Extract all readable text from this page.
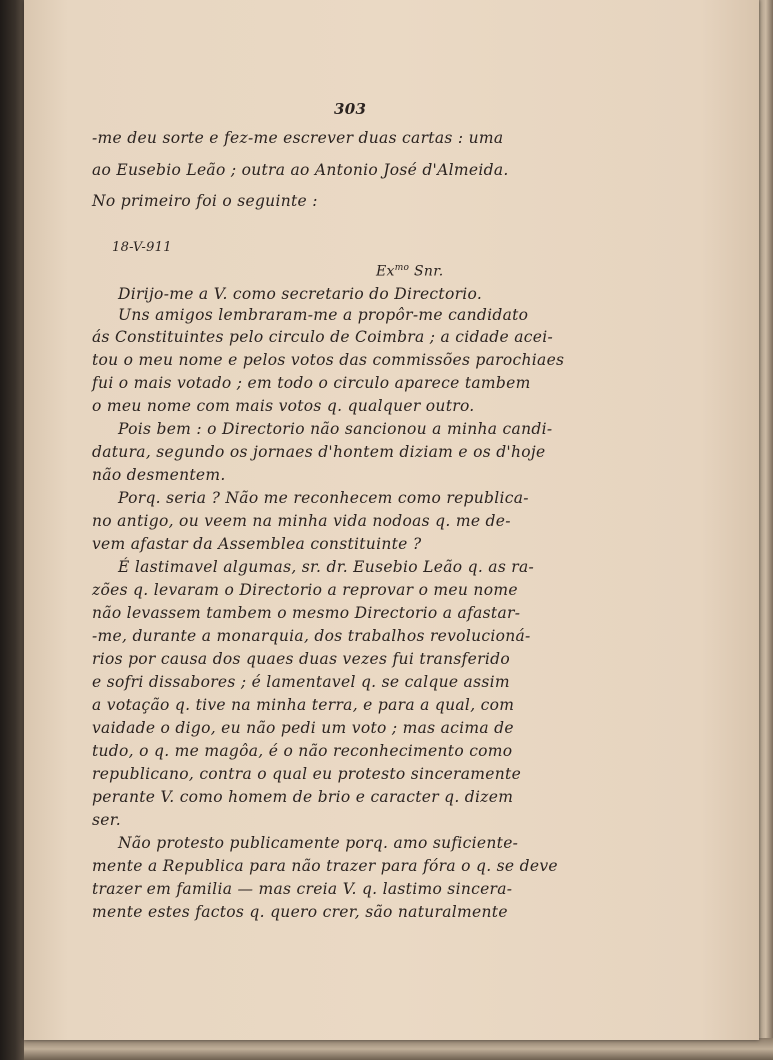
303
-me deu sorte e fez-me escrever duas cartas : uma
ao Eusebio Leão ; outra ao Antonio José d'Almeida.
No primeiro foi o seguinte :
18-V-911
$Ex^{mo}$ Snr.
Dirijo-me a V. como secretario do Directorio.
Uns amigos lembraram-me a propôr-me candidato
ás Constituintes pelo circulo de Coimbra ; a cidade acei-
tou o meu nome e pelos votos das commissões parochiaes
fui o mais votado ; em todo o circulo aparece tambem
o meu nome com mais votos q. qualquer outro.
Pois bem : o Directorio não sancionou a minha candi-
datura, segundo os jornaes d'hontem diziam e os d'hoje
não desmentem.
Porq. seria ? Não me reconhecem como republica-
no antigo, ou veem na minha vida nodoas q. me de-
vem afastar da Assemblea constituinte ?
É lastimavel algumas, sr. dr. Eusebio Leão q. as ra-
zões q. levaram o Directorio a reprovar o meu nome
não levassem tambem o mesmo Directorio a afastar-
-me, durante a monarquia, dos trabalhos revolucioná-
rios por causa dos quaes duas vezes fui transferido
e sofri dissabores ; é lamentavel q. se calque assim
a votação q. tive na minha terra, e para a qual, com
vaidade o digo, eu não pedi um voto ; mas acima de
tudo, o q. me magôa, é o não reconhecimento como
republicano, contra o qual eu protesto sinceramente
perante V. como homem de brio e caracter q. dizem
ser.
Não protesto publicamente porq. amo suficiente-
mente a Republica para não trazer para fóra o q. se deve
trazer em familia — mas creia V. q. lastimo sincera-
mente estes factos q. quero crer, são naturalmente
